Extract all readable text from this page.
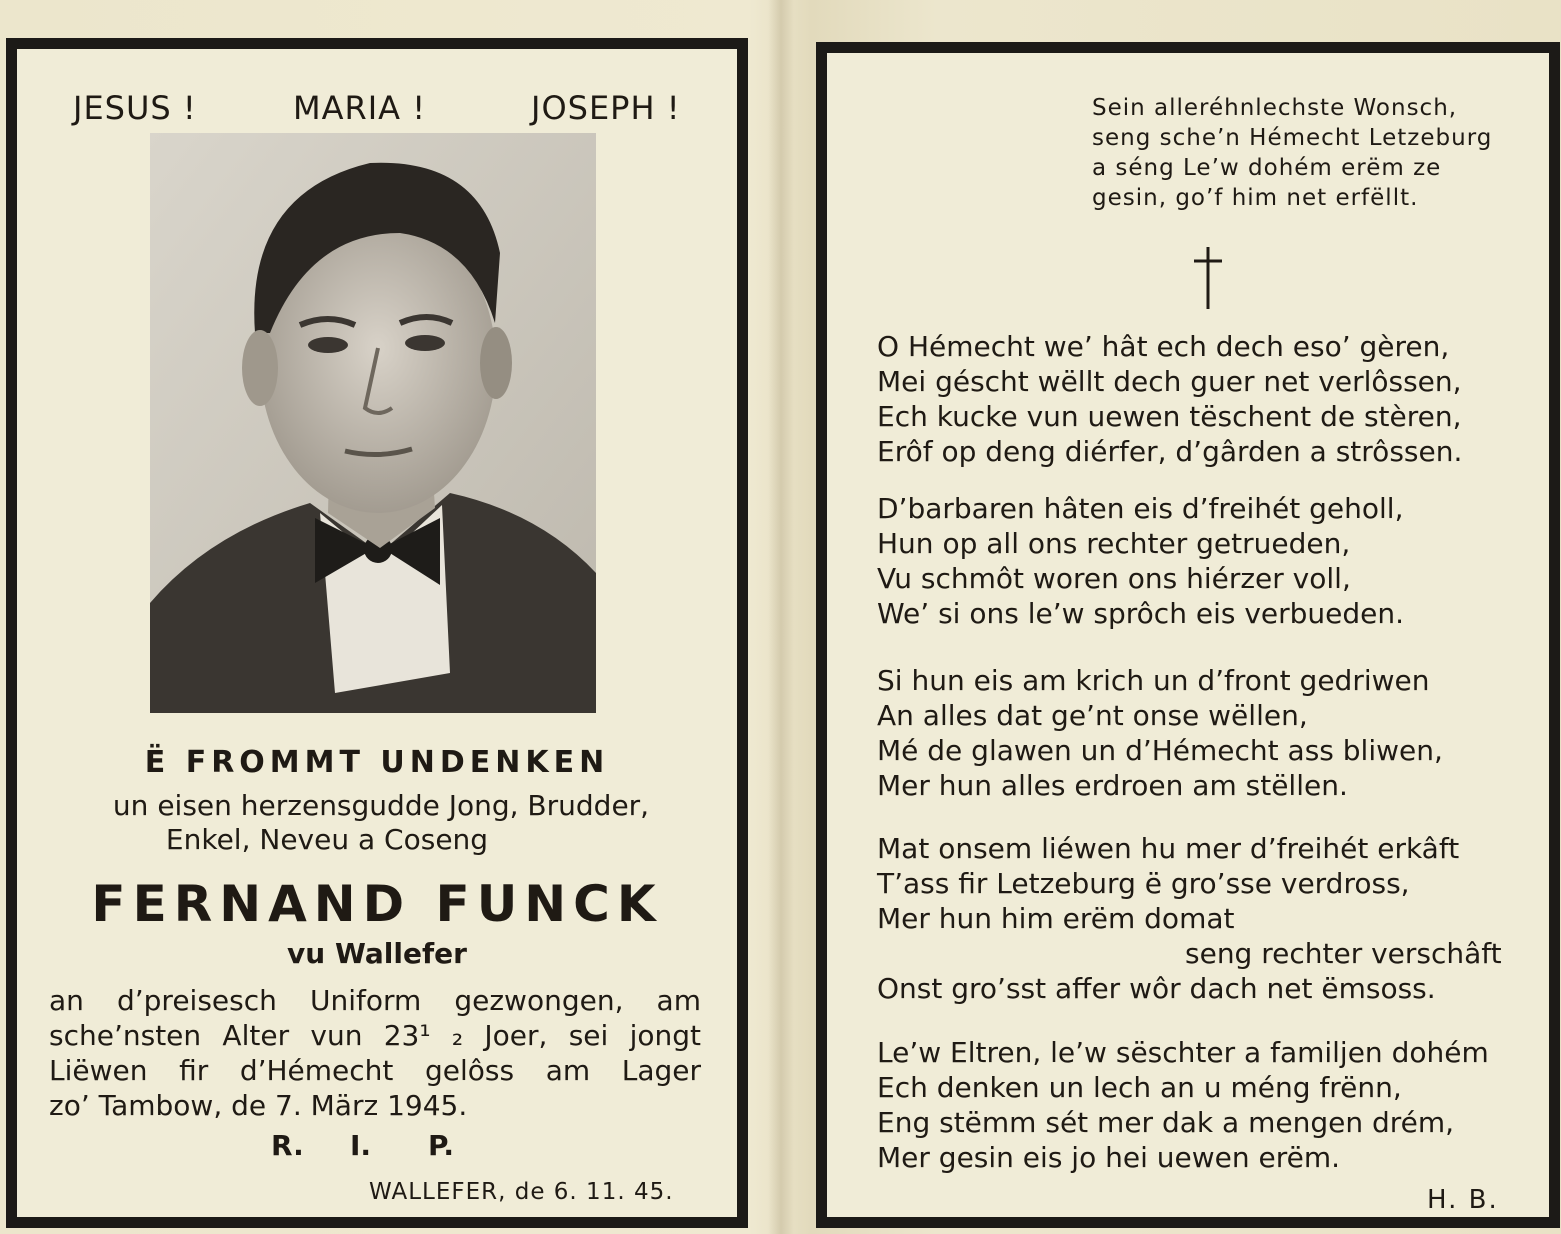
JESUS !	MARIA !	JOSEPH !
Ë FROMMT UNDENKEN
un eisen herzensgudde Jong, Brudder,
Enkel, Neveu a Coseng
FERNAND FUNCK
vu Wallefer
an d’preisesch Uniform gezwongen, am
sche’nsten Alter vun 23¹ ₂ Joer, sei jongt
Liëwen fir d’Hémecht gelôss am Lager
zo’ Tambow, de 7. März 1945.
R. I. P.
WALLEFER, de 6. 11. 45.
Sein alleréhnlechste Wonsch,
seng sche’n Hémecht Letzeburg
a séng Le’w dohém erëm ze
gesin, go’f him net erfëllt.
O Hémecht we’ hât ech dech eso’ gèren,
Mei géscht wëllt dech guer net verlôssen,
Ech kucke vun uewen tëschent de stèren,
Erôf op deng diérfer, d’gârden a strôssen.
D’barbaren hâten eis d’freihét geholl,
Hun op all ons rechter getrueden,
Vu schmôt woren ons hiérzer voll,
We’ si ons le’w sprôch eis verbueden.
Si hun eis am krich un d’front gedriwen
An alles dat ge’nt onse wëllen,
Mé de glawen un d’Hémecht ass bliwen,
Mer hun alles erdroen am stëllen.
Mat onsem liéwen hu mer d’freihét erkâft
T’ass fir Letzeburg ë gro’sse verdross,
Mer hun him erëm domat
seng rechter verschâft
Onst gro’sst affer wôr dach net ëmsoss.
Le’w Eltren, le’w sëschter a familjen dohém
Ech denken un lech an u méng frënn,
Eng stëmm sét mer dak a mengen drém,
Mer gesin eis jo hei uewen erëm.
H. B.
